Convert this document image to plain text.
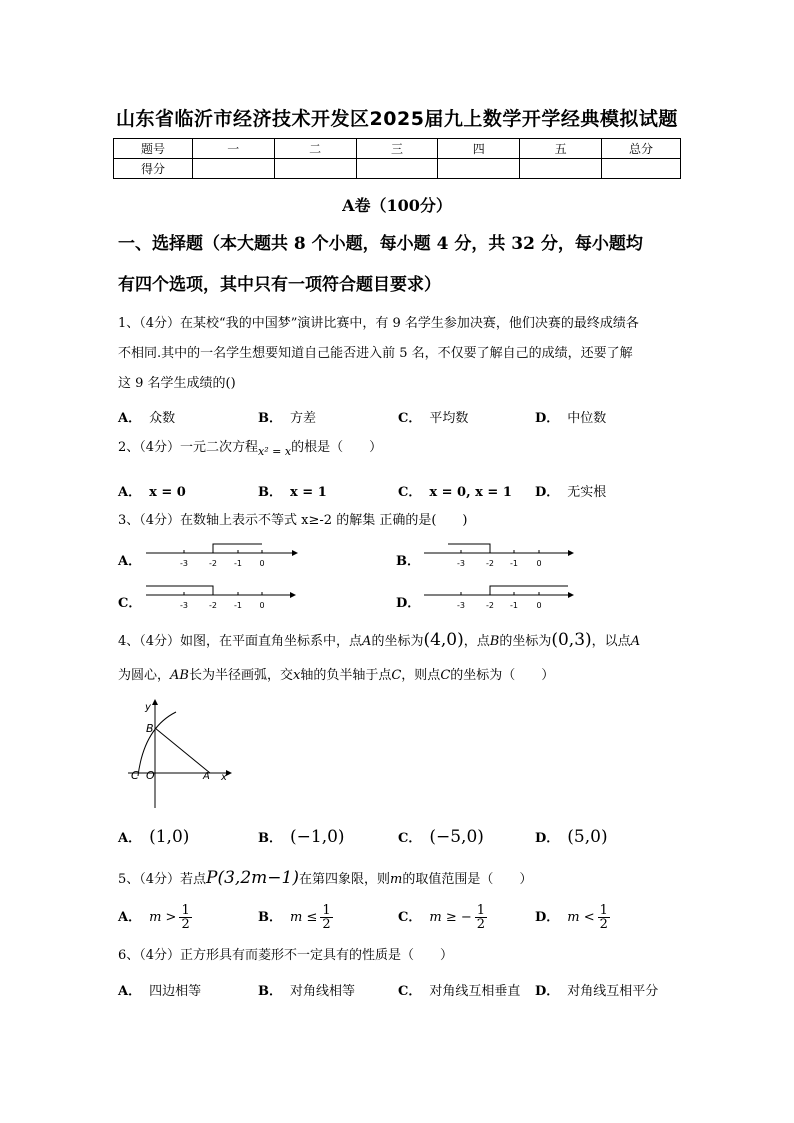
山东省临沂市经济技术开发区2025届九上数学开学经典模拟试题
题号	一	二	三	四	五	总分
得分						
A卷（100分）
一、选择题（本大题共 8 个小题，每小题 4 分，共 32 分，每小题均
有四个选项，其中只有一项符合题目要求）
1、（4分）在某校“我的中国梦”演讲比赛中，有 9 名学生参加决赛，他们决赛的最终成绩各
不相同.其中的一名学生想要知道自己能否进入前 5 名，不仅要了解自己的成绩，还要了解
这 9 名学生成绩的()
A． 众数	B． 方差	C． 平均数	D． 中位数
2、（4分）一元二次方程$_{x^2 = x}$的根是（　　）
A． x = 0	B． x = 1	C． x = 0, x = 1	D． 无实根
3、（4分）在数轴上表示不等式 x≥-2 的解集 正确的是(　　)
A．	-3	-2 -1 0	B．	-3	-2 -1 0
C．	-3	-2 -1 0	D．	-3	-2 -1 0
4、（4分）如图，在平面直角坐标系中，点A的坐标为(4,0)，点B的坐标为(0,3)，以点A
为圆心，AB长为半径画弧，交x轴的负半轴于点C，则点C的坐标为（　　）
y
B
C O	A x
A． (1,0)	B． (−1,0)	C． (−5,0)	D． (5,0)
5、（4分）若点P(3,2m−1)在第四象限，则m的取值范围是（　　）
A． $m > \frac{1}{2}$	B． $m \le \frac{1}{2}$	C． m ≥ − $\frac{1}{2}$	D． $m < \frac{1}{2}$
6、（4分）正方形具有而菱形不一定具有的性质是（　　）
A． 四边相等	B． 对角线相等	C． 对角线互相垂直 D． 对角线互相平分
